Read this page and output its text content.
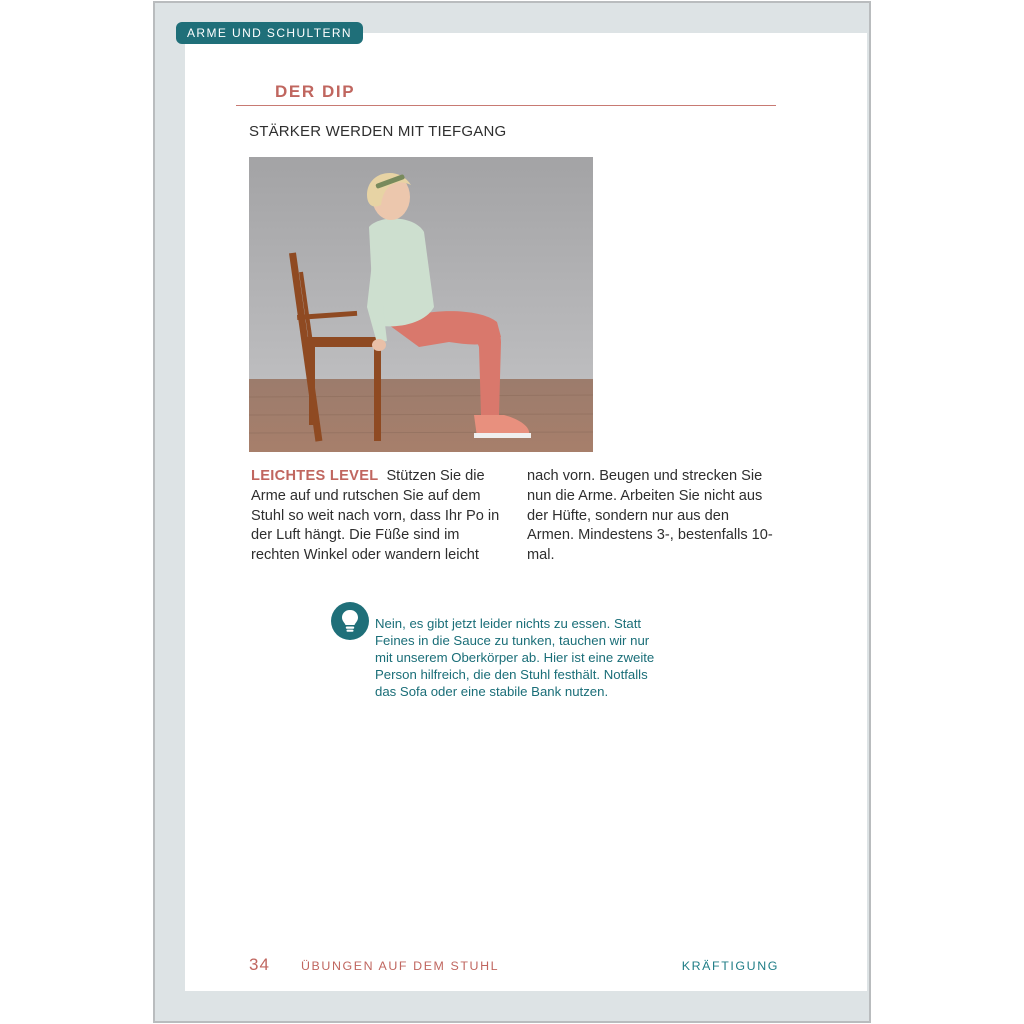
ARME UND SCHULTERN
DER DIP
STÄRKER WERDEN MIT TIEFGANG
LEICHTES LEVEL Stützen Sie die Arme auf und rutschen Sie auf dem Stuhl so weit nach vorn, dass Ihr Po in der Luft hängt. Die Füße sind im rechten Winkel oder wandern leicht
nach vorn. Beugen und strecken Sie nun die Arme. Arbeiten Sie nicht aus der Hüfte, sondern nur aus den Armen. Mindestens 3-, bestenfalls 10-mal.
Nein, es gibt jetzt leider nichts zu essen. Statt Feines in die Sauce zu tunken, tauchen wir nur mit unserem Oberkörper ab. Hier ist eine zweite Person hilfreich, die den Stuhl festhält. Notfalls das Sofa oder eine stabile Bank nutzen.
34	ÜBUNGEN AUF DEM STUHL	KRÄFTIGUNG
